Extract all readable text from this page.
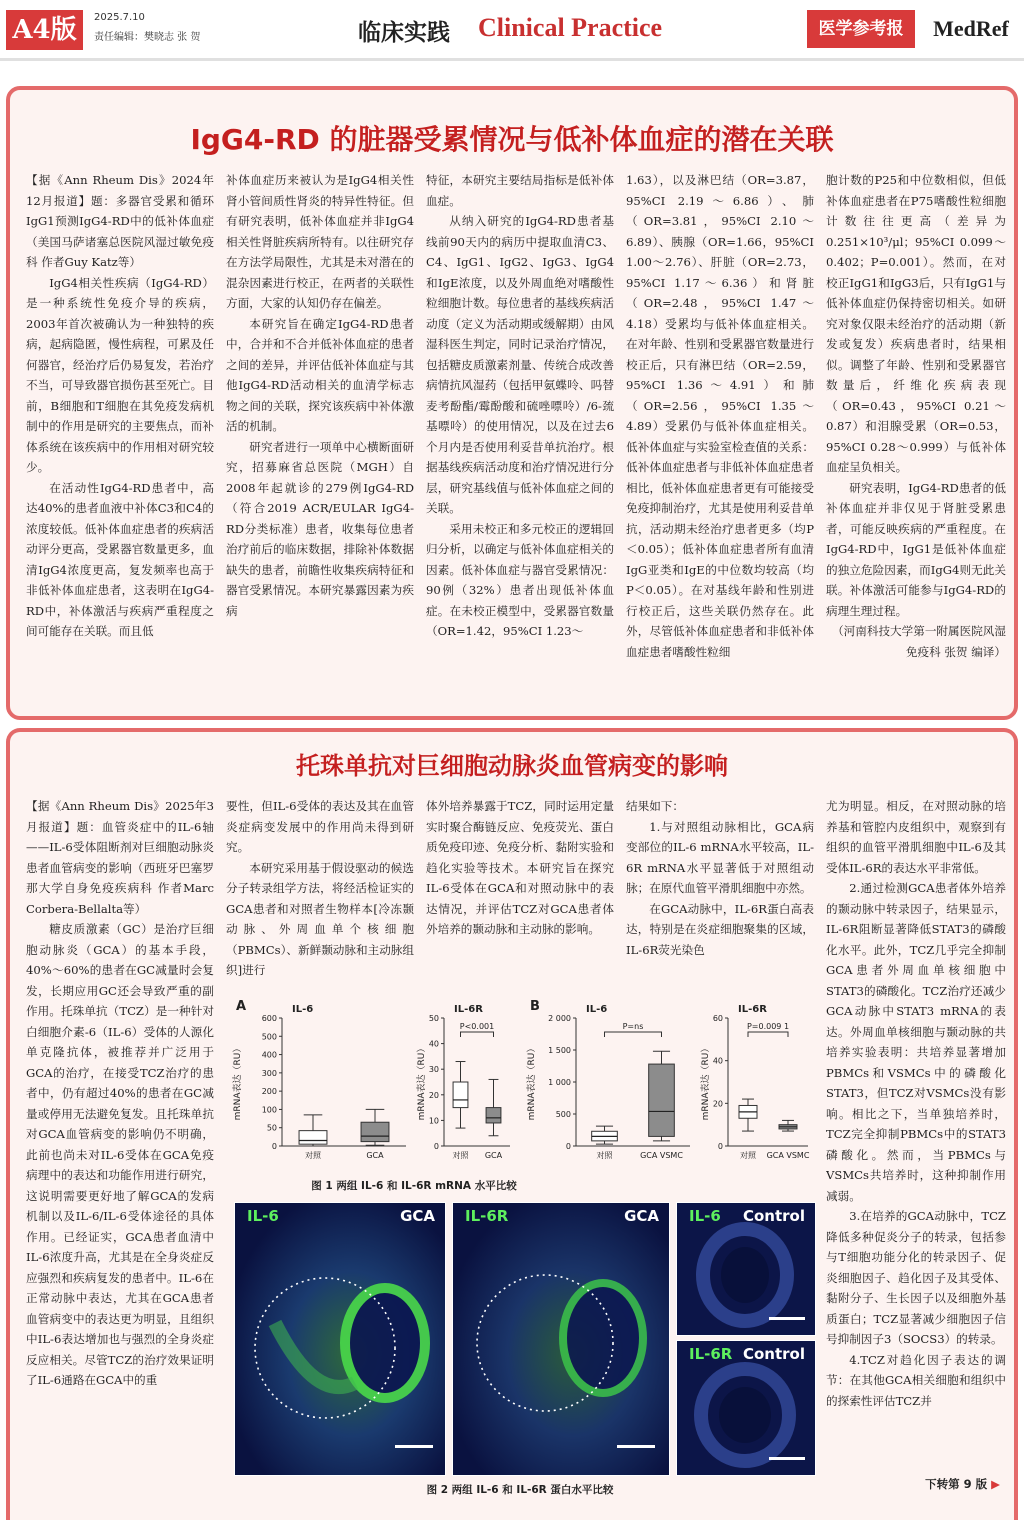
A4版	2025.7.10
责任编辑：樊晓志 张 贺	临床实践 Clinical Practice	医学参考报	MedRef
IgG4-RD 的脏器受累情况与低补体血症的潜在关联

【据《Ann Rheum Dis》2024年12月报道】题：多器官受累和循环IgG1预测IgG4-RD中的低补体血症（美国马萨诸塞总医院风湿过敏免疫科 作者Guy Katz等）

IgG4相关性疾病（IgG4-RD）是一种系统性免疫介导的疾病，2003年首次被确认为一种独特的疾病，起病隐匿，慢性病程，可累及任何器官，经治疗后仍易复发，若治疗不当，可导致器官损伤甚至死亡。目前，B细胞和T细胞在其免疫发病机制中的作用是研究的主要焦点，而补体系统在该疾病中的作用相对研究较少。

在活动性IgG4-RD患者中，高达40%的患者血液中补体C3和C4的浓度较低。低补体血症患者的疾病活动评分更高，受累器官数量更多，血清IgG4浓度更高，复发频率也高于非低补体血症患者，这表明在IgG4-RD中，补体激活与疾病严重程度之间可能存在关联。而且低

补体血症历来被认为是IgG4相关性肾小管间质性肾炎的特异性特征。但有研究表明，低补体血症并非IgG4相关性肾脏疾病所特有。以往研究存在方法学局限性，尤其是未对潜在的混杂因素进行校正，在两者的关联性方面，大家的认知仍存在偏差。

本研究旨在确定IgG4-RD患者中，合并和不合并低补体血症的患者之间的差异，并评估低补体血症与其他IgG4-RD活动相关的血清学标志物之间的关联，探究该疾病中补体激活的机制。

研究者进行一项单中心横断面研究，招募麻省总医院（MGH）自2008年起就诊的279例IgG4-RD（符合2019 ACR/EULAR IgG4-RD分类标准）患者，收集每位患者治疗前后的临床数据，排除补体数据缺失的患者，前瞻性收集疾病特征和器官受累情况。本研究暴露因素为疾病

特征，本研究主要结局指标是低补体血症。

从纳入研究的IgG4-RD患者基线前90天内的病历中提取血清C3、C4、IgG1、IgG2、IgG3、IgG4和IgE浓度，以及外周血绝对嗜酸性粒细胞计数。每位患者的基线疾病活动度（定义为活动期或缓解期）由风湿科医生判定，同时记录治疗情况，包括糖皮质激素剂量、传统合成改善病情抗风湿药（包括甲氨蝶呤、吗替麦考酚酯/霉酚酸和硫唑嘌呤）/6-巯基嘌呤）的使用情况，以及在过去6个月内是否使用利妥昔单抗治疗。根据基线疾病活动度和治疗情况进行分层，研究基线值与低补体血症之间的关联。

采用未校正和多元校正的逻辑回归分析，以确定与低补体血症相关的因素。低补体血症与器官受累情况：90例（32%）患者出现低补体血症。在未校正模型中，受累器官数量（OR=1.42，95%CI 1.23～

1.63），以及淋巴结（OR=3.87，95%CI 2.19～6.86）、肺（OR=3.81，95%CI 2.10～6.89）、胰腺（OR=1.66，95%CI 1.00～2.76）、肝脏（OR=2.73，95%CI 1.17～6.36）和肾脏（OR=2.48，95%CI 1.47～4.18）受累均与低补体血症相关。在对年龄、性别和受累器官数量进行校正后，只有淋巴结（OR=2.59，95%CI 1.36～4.91）和肺（OR=2.56，95%CI 1.35～4.89）受累仍与低补体血症相关。低补体血症与实验室检查值的关系：低补体血症患者与非低补体血症患者相比，低补体血症患者更有可能接受免疫抑制治疗，尤其是使用利妥昔单抗，活动期未经治疗患者更多（均P＜0.05）；低补体血症患者所有血清IgG亚类和IgE的中位数均较高（均P＜0.05）。在对基线年龄和性别进行校正后，这些关联仍然存在。此外，尽管低补体血症患者和非低补体血症患者嗜酸性粒细

胞计数的P25和中位数相似，但低补体血症患者在P75嗜酸性粒细胞计数往往更高（差异为0.251×10³/μl；95%CI 0.099～0.402；P=0.001）。然而，在对校正IgG1和IgG3后，只有IgG1与低补体血症仍保持密切相关。如研究对象仅限未经治疗的活动期（新发或复发）疾病患者时，结果相似。调整了年龄、性别和受累器官数量后，纤维化疾病表现（OR=0.43，95%CI 0.21～0.87）和泪腺受累（OR=0.53，95%CI 0.28～0.999）与低补体血症呈负相关。

研究表明，IgG4-RD患者的低补体血症并非仅见于肾脏受累患者，可能反映疾病的严重程度。在IgG4-RD中，IgG1是低补体血症的独立危险因素，而IgG4则无此关联。补体激活可能参与IgG4-RD的病理生理过程。

（河南科技大学第一附属医院风湿免疫科 张贺 编译）

托珠单抗对巨细胞动脉炎血管病变的影响

【据《Ann Rheum Dis》2025年3月报道】题：血管炎症中的IL-6轴——IL-6受体阻断剂对巨细胞动脉炎患者血管病变的影响（西班牙巴塞罗那大学自身免疫疾病科 作者Marc Corbera-Bellalta等）

糖皮质激素（GC）是治疗巨细胞动脉炎（GCA）的基本手段，40%～60%的患者在GC减量时会复发，长期应用GC还会导致严重的副作用。托珠单抗（TCZ）是一种针对白细胞介素-6（IL-6）受体的人源化单克隆抗体，被推荐并广泛用于GCA的治疗，在接受TCZ治疗的患者中，仍有超过40%的患者在GC减量或停用无法避免复发。且托珠单抗对GCA血管病变的影响仍不明确，此前也尚未对IL-6受体在GCA免疫病理中的表达和功能作用进行研究，这说明需要更好地了解GCA的发病机制以及IL-6/IL-6受体途径的具体作用。已经证实，GCA患者血清中IL-6浓度升高，尤其是在全身炎症反应强烈和疾病复发的患者中。IL-6在正常动脉中表达，尤其在GCA患者血管病变中的表达更为明显，且组织中IL-6表达增加也与强烈的全身炎症反应相关。尽管TCZ的治疗效果证明了IL-6通路在GCA中的重

要性，但IL-6受体的表达及其在血管炎症病变发展中的作用尚未得到研究。

本研究采用基于假设驱动的候选分子转录组学方法，将经活检证实的GCA患者和对照者生物样本[冷冻颞动脉、外周血单个核细胞（PBMCs）、新鲜颞动脉和主动脉组织]进行

体外培养暴露于TCZ，同时运用定量实时聚合酶链反应、免疫荧光、蛋白质免疫印迹、免疫分析、黏附实验和趋化实验等技术。本研究旨在探究IL-6受体在GCA和对照动脉中的表达情况，并评估TCZ对GCA患者体外培养的颞动脉和主动脉的影响。

结果如下：

1.与对照组动脉相比，GCA病变部位的IL-6 mRNA水平较高，IL-6R mRNA水平显著低于对照组动脉；在原代血管平滑肌细胞中亦然。

在GCA动脉中，IL-6R蛋白高表达，特别是在炎症细胞聚集的区域，IL-6R荧光染色

尤为明显。相反，在对照动脉的培养基和管腔内皮组织中，观察到有组织的血管平滑肌细胞中IL-6及其受体IL-6R的表达水平非常低。

2.通过检测GCA患者体外培养的颞动脉中转录因子，结果显示，IL-6R阻断显著降低STAT3的磷酸化水平。此外，TCZ几乎完全抑制GCA患者外周血单核细胞中STAT3的磷酸化。TCZ治疗还减少GCA动脉中STAT3 mRNA的表达。外周血单核细胞与颞动脉的共培养实验表明：共培养显著增加PBMCs和VSMCs中的磷酸化STAT3，但TCZ对VSMCs没有影响。相比之下，当单独培养时，TCZ完全抑制PBMCs中的STAT3磷酸化。然而，当PBMCs与VSMCs共培养时，这种抑制作用减弱。

3.在培养的GCA动脉中，TCZ降低多种促炎分子的转录，包括参与T细胞功能分化的转录因子、促炎细胞因子、趋化因子及其受体、黏附分子、生长因子以及细胞外基质蛋白；TCZ显著减少细胞因子信号抑制因子3（SOCS3）的转录。

4.TCZ对趋化因子表达的调节：在其他GCA相关细胞和组织中的探索性评估TCZ并

A	IL-6
mRNA表达（RU）
0
50
100
200
300
400
500
600
对照	GCA
IL-6R
mRNA表达（RU）
0
10
20
30
40
50
对照 GCA
P<0.001
B	IL-6
mRNA表达（RU）
0
500
1 000
1 500
2 000
对照	GCA VSMC
P=ns
IL-6R
mRNA表达（RU）
0
20
40
60
对照 GCA VSMC
P=0.009 1
图 1 两组 IL-6 和 IL-6R mRNA 水平比较
IL-6	GCA IL-6R	GCA IL-6 Control
IL-6R Control
图 2 两组 IL-6 和 IL-6R 蛋白水平比较	下转第 9 版 ▶
